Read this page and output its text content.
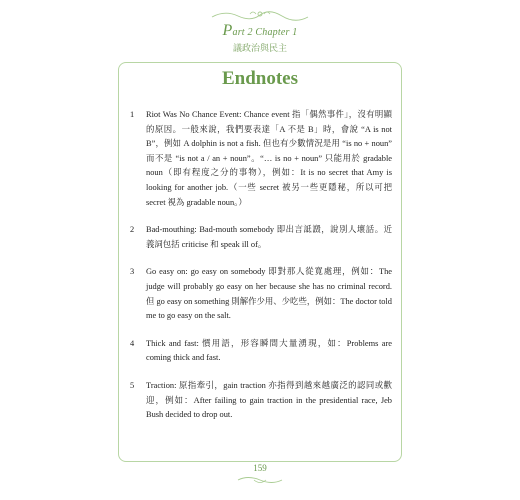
Part 2 Chapter 1
議政治與民主
Endnotes
1 Riot Was No Chance Event: Chance event 指「偶然事件」，沒有明顯的原因。一般來說，我們要表達「A 不是 B」時，會說 “A is not B”，例如 A dolphin is not a fish. 但也有少數情況是用 “is no + noun” 而不是 “is not a / an + noun”。“… is no + noun” 只能用於 gradable noun（即有程度之分的事物），例如：It is no secret that Amy is looking for another job.（一些 secret 被另一些更隱秘，所以可把 secret 視為 gradable noun。）

2 Bad-mouthing: Bad-mouth somebody 即出言詆譭，說別人壞話。近義詞包括 criticise 和 speak ill of。

3 Go easy on: go easy on somebody 即對那人從寬處理，例如：The judge will probably go easy on her because she has no criminal record. 但 go easy on something 則解作少用、少吃些，例如：The doctor told me to go easy on the salt.

4 Thick and fast: 慣用語，形容瞬間大量湧現，如：Problems are coming thick and fast.

5 Traction: 原指牽引，gain traction 亦指得到越來越廣泛的認同或歡迎，例如：After failing to gain traction in the presidential race, Jeb Bush decided to drop out.

159
